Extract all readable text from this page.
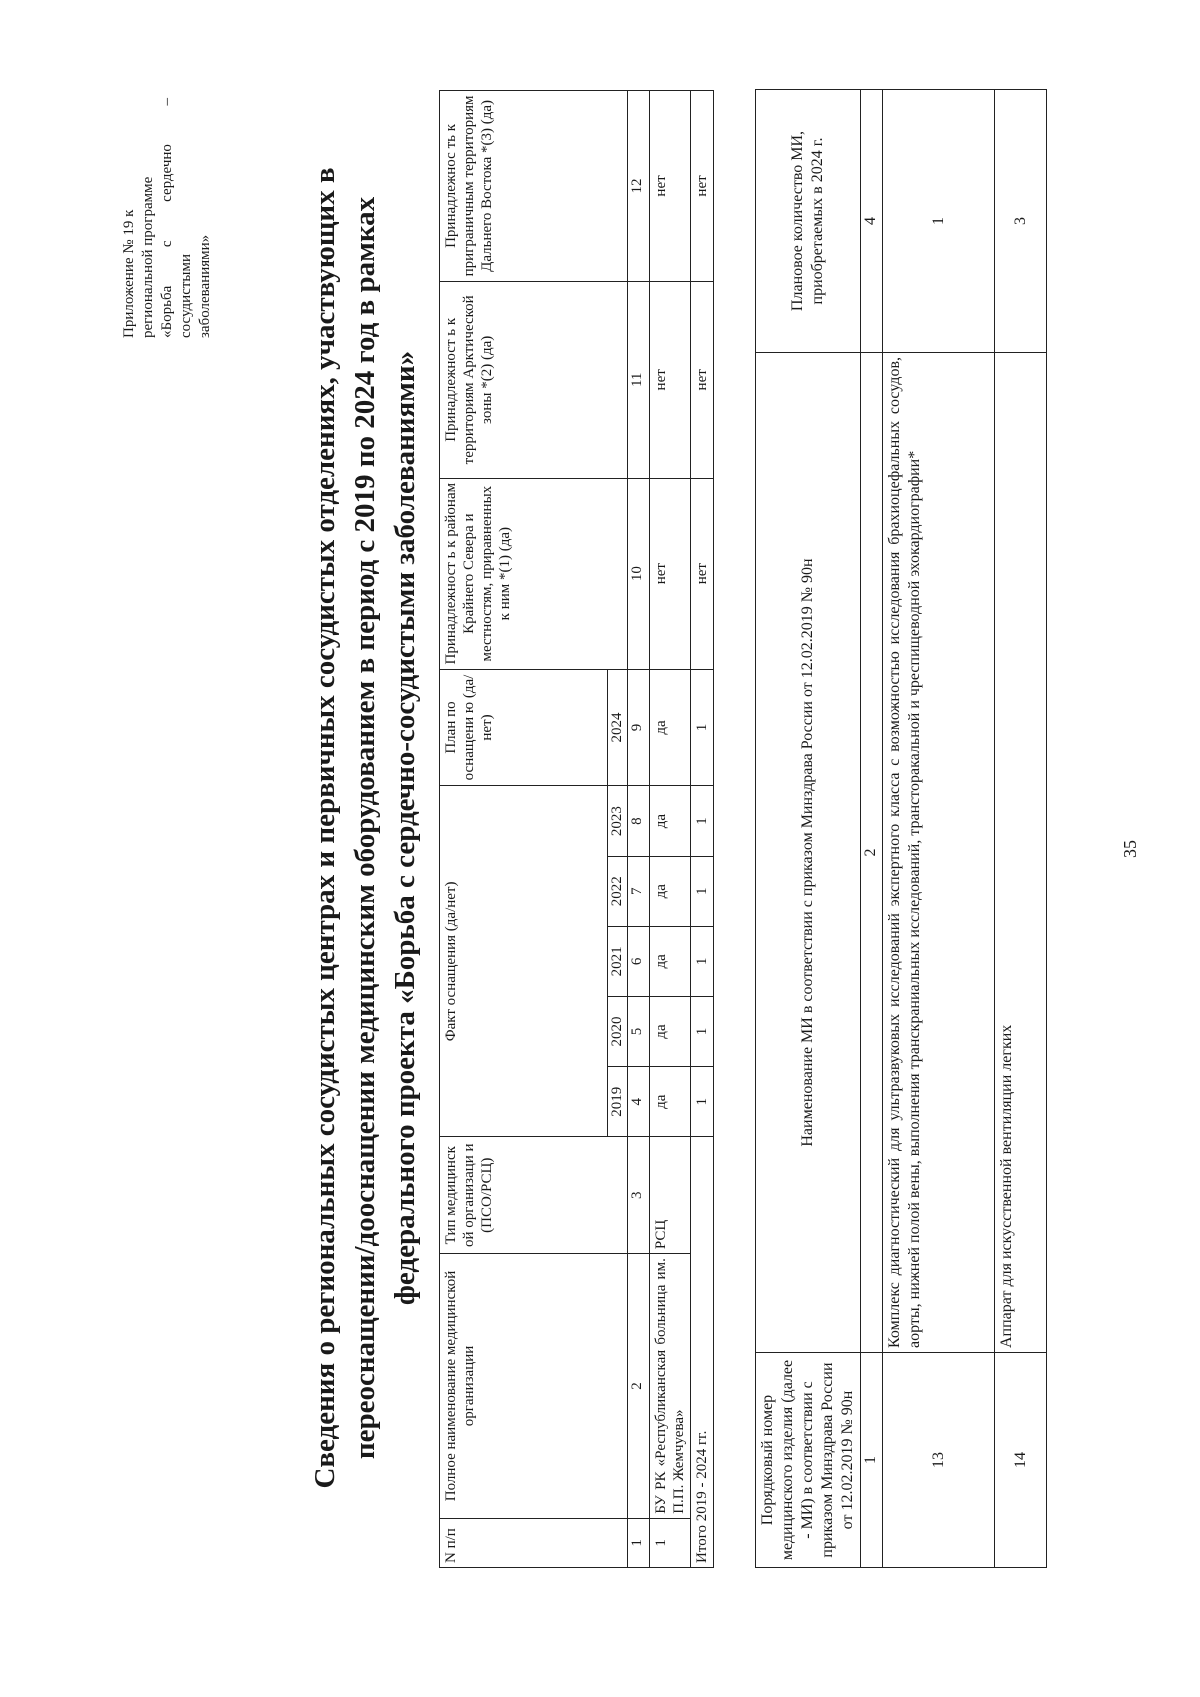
Приложение № 19 к региональной программе «Борьба
с
сердечно
–
сосудистыми заболеваниями»	Сведения о региональных сосудистых центрах и первичных сосудистых отделениях, участвующих в переоснащении/дооснащении медицинским оборудованием в период с 2019 по 2024 год в рамках федерального проекта «Борьба с сердечно-сосудистыми заболеваниями»
N п/п	Полное наименование медицинской организации	Тип медицинск ой организаци и (ПСО/РСЦ)	Факт оснащения (да/нет)					План по оснащени ю (да/нет)	Принадлежност ь к районам Крайнего Севера и местностям, приравненных к ним *(1) (да)	Принадлежност ь к территориям Арктической зоны *(2) (да)	Принадлежнос ть к приграничным территориям Дальнего Востока *(3) (да)
			2019	2020	2021	2022	2023	2024			
1	2	3	4	5	6	7	8	9	10	11	12
1	БУ РК «Республиканская больница им. П.П. Жемчуева»	РСЦ	да	да	да	да	да	да	нет	нет	нет
Итого 2019 - 2024 гг.			1	1	1	1	1	1	нет	нет	нет
Порядковый номер медицинского изделия (далее - МИ) в соответствии с приказом Минздрава России от 12.02.2019 № 90н	Наименование МИ в соответствии с приказом Минздрава России от 12.02.2019 № 90н	Плановое количество МИ, приобретаемых в 2024 г.
1	2	4
13	Комплекс диагностический для ультразвуковых исследований экспертного класса с возможностью исследования брахиоцефальных сосудов, аорты, нижней полой вены, выполнения транскраниальных исследований, трансторакальной и чреспищеводной эхокардиографии*	1
14	Аппарат для искусственной вентиляции легких	3
35
